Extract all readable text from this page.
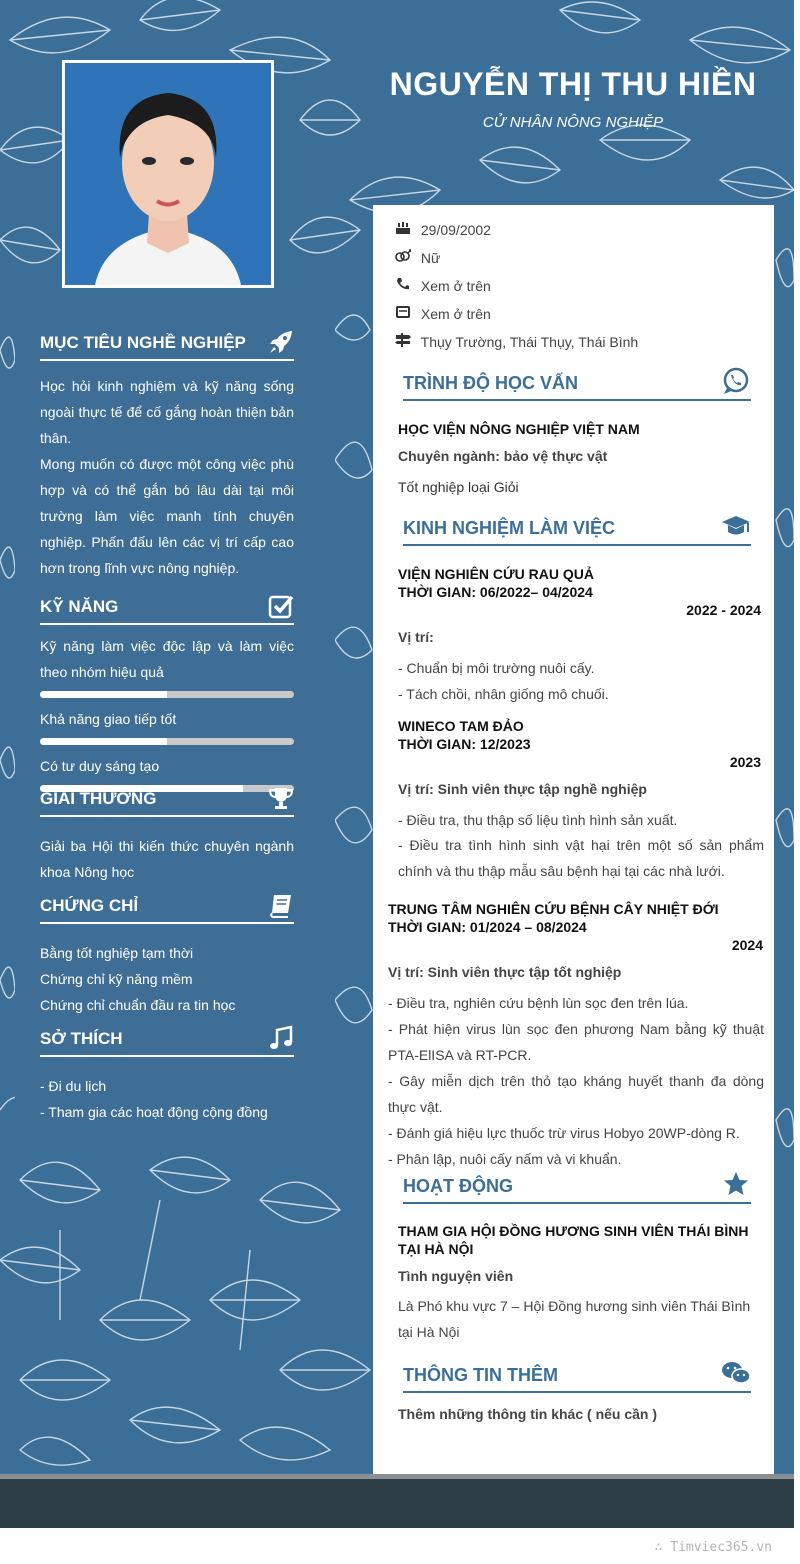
NGUYỄN THỊ THU HIỀN
CỬ NHÂN NÔNG NGHIỆP
MỤC TIÊU NGHỀ NGHIỆP
Học hỏi kinh nghiệm và kỹ năng sống ngoài thực tế để cố gắng hoàn thiện bản thân.
Mong muốn có được một công việc phù hợp và có thể gắn bó lâu dài tại môi trường làm việc manh tính chuyên nghiệp. Phấn đấu lên các vị trí cấp cao hơn trong lĩnh vực nông nghiệp.
KỸ NĂNG
Kỹ năng làm việc độc lập và làm việc theo nhóm hiệu quả
Khả năng giao tiếp tốt
Có tư duy sáng tạo
GIẢI THƯỞNG
Giải ba Hội thi kiến thức chuyên ngành khoa Nông học
CHỨNG CHỈ
Bằng tốt nghiệp tạm thời
Chứng chỉ kỹ năng mềm
Chứng chỉ chuẩn đầu ra tin học
SỞ THÍCH
- Đi du lịch
- Tham gia các hoạt động cộng đồng
29/09/2002
Nữ
Xem ở trên
Xem ở trên
Thụy Trường, Thái Thụy, Thái Bình
TRÌNH ĐỘ HỌC VẤN
HỌC VIỆN NÔNG NGHIỆP VIỆT NAM
Chuyên ngành: bảo vệ thực vật
Tốt nghiệp loại Giỏi
KINH NGHIỆM LÀM VIỆC
VIỆN NGHIÊN CỨU RAU QUẢ
THỜI GIAN: 06/2022– 04/2024
2022 - 2024
Vị trí:
- Chuẩn bị môi trường nuôi cấy.
- Tách chồi, nhân giống mô chuối.
WINECO TAM ĐẢO
THỜI GIAN: 12/2023
2023
Vị trí: Sinh viên thực tập nghề nghiệp
- Điều tra, thu thập số liệu tình hình sản xuất.
- Điều tra tình hình sinh vật hại trên một số sản phẩm chính và thu thập mẫu sâu bệnh hại tại các nhà lưới.
TRUNG TÂM NGHIÊN CỨU BỆNH CÂY NHIỆT ĐỚI
THỜI GIAN: 01/2024 – 08/2024
2024
Vị trí: Sinh viên thực tập tốt nghiệp
- Điều tra, nghiên cứu bệnh lùn sọc đen trên lúa.
- Phát hiện virus lùn sọc đen phương Nam bằng kỹ thuật PTA-ElISA và RT-PCR.
- Gây miễn dịch trên thỏ tạo kháng huyết thanh đa dòng thực vật.
- Đánh giá hiệu lực thuốc trừ virus Hobyo 20WP-dòng R.
- Phân lập, nuôi cấy nấm và vi khuẩn.
HOẠT ĐỘNG
THAM GIA HỘI ĐỒNG HƯƠNG SINH VIÊN THÁI BÌNH TẠI HÀ NỘI
Tình nguyện viên
Là Phó khu vực 7 – Hội Đồng hương sinh viên Thái Bình tại Hà Nội
THÔNG TIN THÊM
Thêm những thông tin khác ( nếu cần )
∴ Timviec365.vn
